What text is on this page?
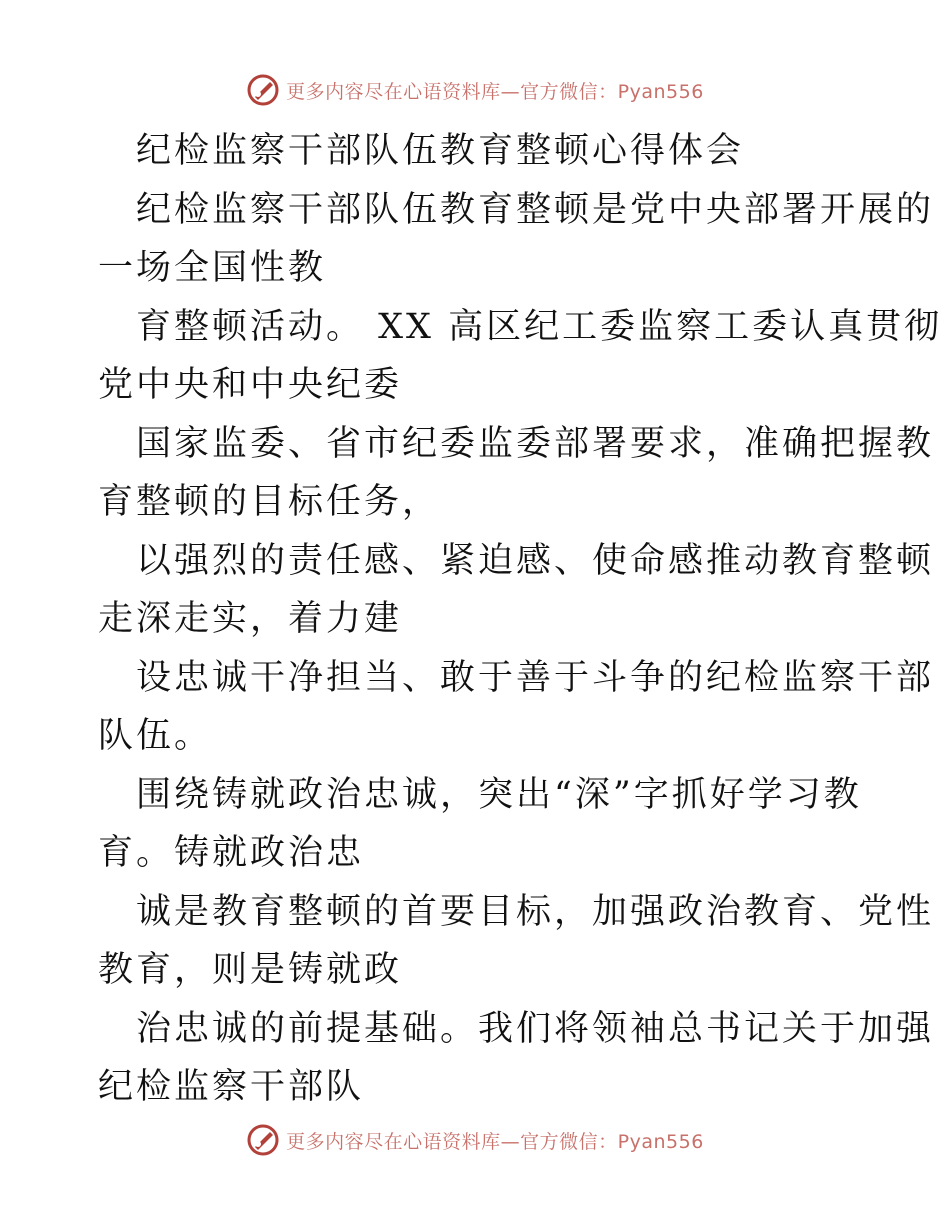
更多内容尽在心语资料库—官方微信：Pyan556
纪检监察干部队伍教育整顿心得体会
纪检监察干部队伍教育整顿是党中央部署开展的
一场全国性教
育整顿活动。 XX 高区纪工委监察工委认真贯彻
党中央和中央纪委
国家监委、省市纪委监委部署要求，准确把握教
育整顿的目标任务，
以强烈的责任感、紧迫感、使命感推动教育整顿
走深走实，着力建
设忠诚干净担当、敢于善于斗争的纪检监察干部
队伍。
围绕铸就政治忠诚，突出“深”字抓好学习教
育。铸就政治忠
诚是教育整顿的首要目标，加强政治教育、党性
教育，则是铸就政
治忠诚的前提基础。我们将领袖总书记关于加强
纪检监察干部队
更多内容尽在心语资料库—官方微信：Pyan556
